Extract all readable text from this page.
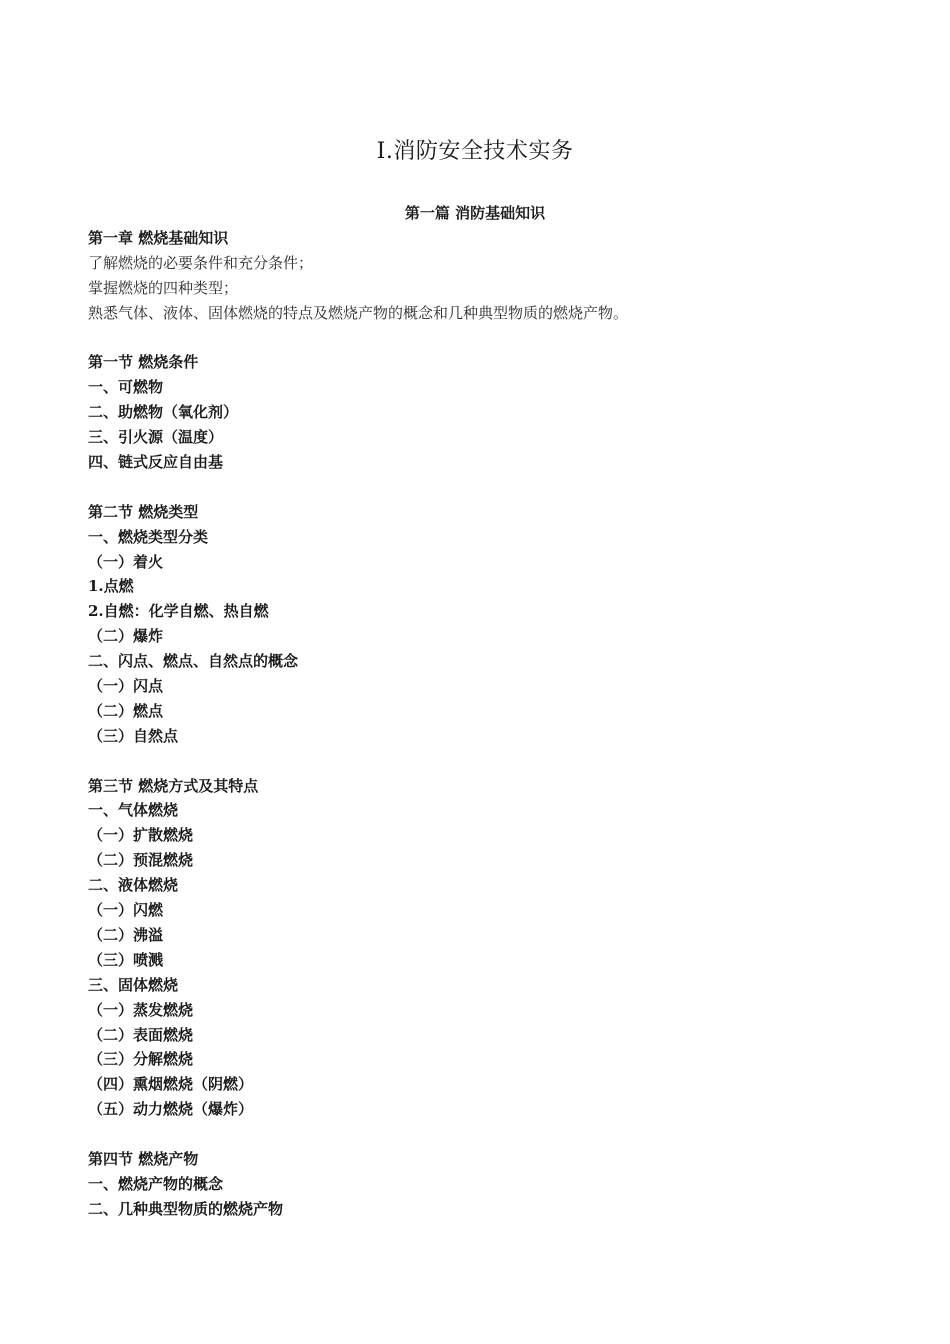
Ⅰ.消防安全技术实务
第一篇 消防基础知识
第一章 燃烧基础知识
了解燃烧的必要条件和充分条件；
掌握燃烧的四种类型；
熟悉气体、液体、固体燃烧的特点及燃烧产物的概念和几种典型物质的燃烧产物。
第一节 燃烧条件
一、可燃物
二、助燃物（氧化剂）
三、引火源（温度）
四、链式反应自由基
第二节 燃烧类型
一、燃烧类型分类
（一）着火
1.点燃
2.自燃：化学自燃、热自燃
（二）爆炸
二、闪点、燃点、自然点的概念
（一）闪点
（二）燃点
（三）自然点
第三节 燃烧方式及其特点
一、气体燃烧
（一）扩散燃烧
（二）预混燃烧
二、液体燃烧
（一）闪燃
（二）沸溢
（三）喷溅
三、固体燃烧
（一）蒸发燃烧
（二）表面燃烧
（三）分解燃烧
（四）熏烟燃烧（阴燃）
（五）动力燃烧（爆炸）
第四节 燃烧产物
一、燃烧产物的概念
二、几种典型物质的燃烧产物
